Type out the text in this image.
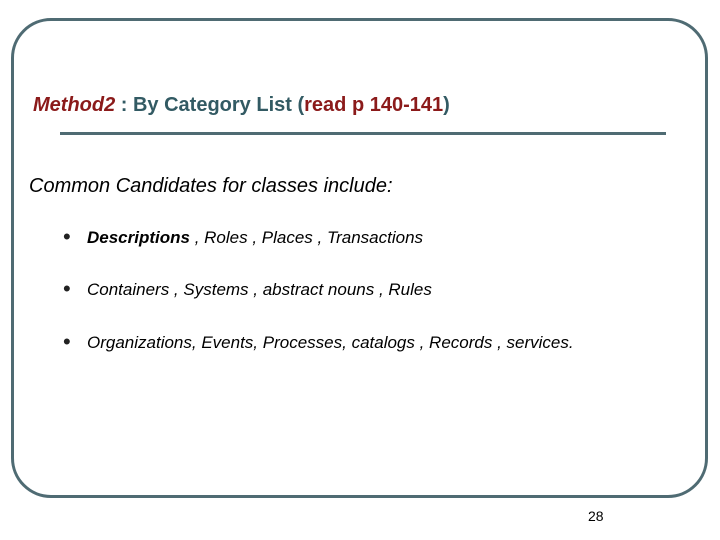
Method2 : By Category List (read p 140-141)

Common Candidates for classes include:

• Descriptions , Roles , Places , Transactions
• Containers , Systems , abstract nouns , Rules
• Organizations, Events, Processes, catalogs , Records , services.
28
